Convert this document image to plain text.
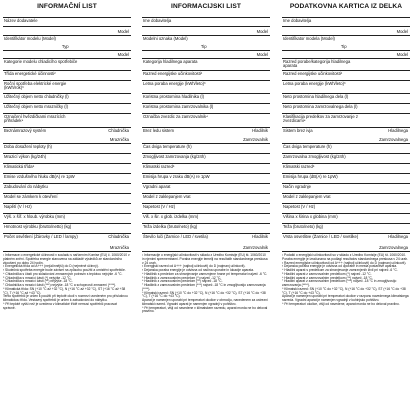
INFORMAČNÍ LIST
Název dodavatele
Model
Identifikátor modelu (Model)
Typ
Model
Kategorie modelu chladicího spotřebiče
Třída energetické účinnosti²
Roční spotřeba elektrické energie (kWh/rok)³
Užitečný objem netto chladničky (l)
Užitečný objem netto mrazničky (l)
Označení hvězdičkami mrazících přihrádek⁴
Beznámrazový systém	Chladnička
Mraznička
Doba dosažení teploty (h)
Mrazicí výkon (kg/24h)
Klimatická třída⁵
Emise vzdušného hluku dB(A) re 1pW
Zabudování do nábytku
Model se zámkem k otevření
Napětí (V / Hz)
Výš. x šíř. x hloub. výrobku (mm)
Hmotnost výrobku (brutto/netto) (kg)
Počet osvětlení (Žárovky / LED / lampy)	Chladnička
Mraznička

¹ Informace o energetické účinnosti v souladu s nařízením Komise (EU) č. 1060/2010 v platném znění. Spotřeba energie stanovena na základě výsledků ze standardního zkoušení po dobu 24 hodin.

² Energetická třída od A+++ (nejúčinnější) do D (nejméně účinný).

³ Skutečná spotřeba energie bude záviset na způsobu použití a umístění spotřebiče.

⁴ Chladnička s částí pro skladování zmrazených potravin s teplotou nejvýše -6 °C.

⁵ Chladnička s mrazící částí (*) nejvýše -12 °C.

⁶ Chladnička s mrazící částí (**) nejvýše -18 °C.

⁷ Chladnička s mrazící částí (***) nejvýše -18 °C a schopností zmrazení (****).

⁸ Klimatická třída: SN (+10 °C až +32 °C), N (+16 °C až +32 °C), ST (+16 °C až +38 °C), T (+16 °C až +43 °C).

Tento spotřebič je určen k použití při teplotě okolí v rozmezí uvedeném pro příslušnou klimatickou třídu. Vestavný spotřebič je určen k zabudování do nábytku.

⁹ Při teplotě vyšší než je uvedena v klimatické třídě nemusí spotřebič pracovat správně.

INFORMACIJSKI LIST
Ime dobavitelja
Model
Modelni oznaka (Model)
Tip
Model
Kategorija hladilnega aparata
Razred energijske učinkovitosti²
Letna poraba energije (kWh/leto)³
Koristna prostornina hladilnika (l)
Koristna prostornina zamrzovalnika (l)
Označba zvezdic za zamrzovalnik⁴
Brez ledu sistem	Hladilnik
Zamrzovalnik
Čas dviga temperature (h)
Zmogljivost zamrzovanja (kg/24h)
Klimatski razred⁵
Emisija hrupa v zraku dB(A) re 1pW
Vgradni aparat
Model z zaklepanjem vrat
Napetost (V / Hz)
Viš. x šir. x glob. izdelka (mm)
Teža izdelka (bruto/neto) (kg)
Število luči (Žarnice / LED / svetila)	Hladilnik
Zamrzovalnik

¹ Informacije o energijski učinkovitosti v skladu z Uredbo Komisije (EU) št. 1060/2010 in njenimi spremembami. Poraba energije temelji na rezultatih standardnega preskusa v 24 urah.

² Energijski razred od A+++ (najbolj učinkovit) do D (najmanj učinkovit).

³ Dejanska poraba energije je odvisna od načina uporabe in lokacije aparata.

⁴ Hladilnik s predelom za shranjevanje zamrznjene hrane pri temperaturi največ -6 °C.

⁵ Hladilnik z zamrzovalnim predelom (*) največ -12 °C.

⁶ Hladilnik z zamrzovalnim predelom (**) največ -18 °C.

⁷ Hladilnik z zamrzovalnim predelom (***) največ -18 °C in zmogljivostjo zamrzovanja (****).

⁸ Klimatski razred: SN (+10 °C do +32 °C), N (+16 °C do +32 °C), ST (+16 °C do +38 °C), T (+16 °C do +43 °C).

Aparat je namenjen uporabi pri temperaturi okolice v območju, navedenem za ustrezni klimatski razred. Vgradni aparat je namenjen vgradnji v pohištvo.

⁹ Pri temperaturi, višji od navedene v klimatskem razredu, aparat morda ne bo deloval pravilno.

PODATKOVNA KARTICA IZ DELKA
Ime dobavitelja
Model
Identifikator modela (Model)
Tip
Model
Razred porabe/kategorija hladilnega aparata
Razred energijske učinkovitosti²
Letna poraba energije (kWh/leto)³
Neto prostornina hladilnega dela (l)
Neto prostornina zamrzovalnega dela (l)
Klasifikacija predelkov za zamrzovanje z zvezdicami⁴
Sistem brez ivja	Hladilnega
Zamrzovalnega
Čas dviga temperature (h)
Zamrzovalna zmogljivost (kg/24h)
Klimatski razred⁵
Emisija hrupa (dB(A) re 1pW)
Način vgradnje
Model z zaklepanjem vrat
Napetost (V / Hz)
Višina x širina x globina (mm)
Teža (bruto/neto) (kg)
Vrsta osvetlitve (Žarnice / LED / svetilke)	Hladilnega
Zamrzovalnega

¹ Podatki o energijski učinkovitosti so v skladu z Uredbo Komisije (EU) št. 1060/2010. Poraba energije je izračunana na podlagi rezultatov standardnega preskusa v 24 urah.

² Razred energijske učinkovitosti od A+++ (najbolj učinkovit) do D (najmanj učinkovit).

³ Dejanska poraba energije je odvisna od uporabe in mesta postavitve aparata.

⁴ Hladilni aparat s predelkom za shranjevanje zamrznjenih živil pri največ -6 °C.

⁵ Hladilni aparat z zamrzovalnim predelkom (*) največ -12 °C.

⁶ Hladilni aparat z zamrzovalnim predelkom (**) največ -18 °C.

⁷ Hladilni aparat z zamrzovalnim predelkom (***) največ -18 °C in zmogljivostjo zamrzovanja (****).

⁸ Klimatski razred: SN (+10 °C do +32 °C), N (+16 °C do +32 °C), ST (+16 °C do +38 °C), T (+16 °C do +43 °C).

Aparat je namenjen uporabi pri temperaturi okolice v razponu navedenega klimatskega razreda. Vgradni aparat je namenjen vgradnji v kuhinjsko pohištvo.

⁹ Pri temperaturi okolice, višji od navedene, aparat morda ne bo deloval pravilno.
